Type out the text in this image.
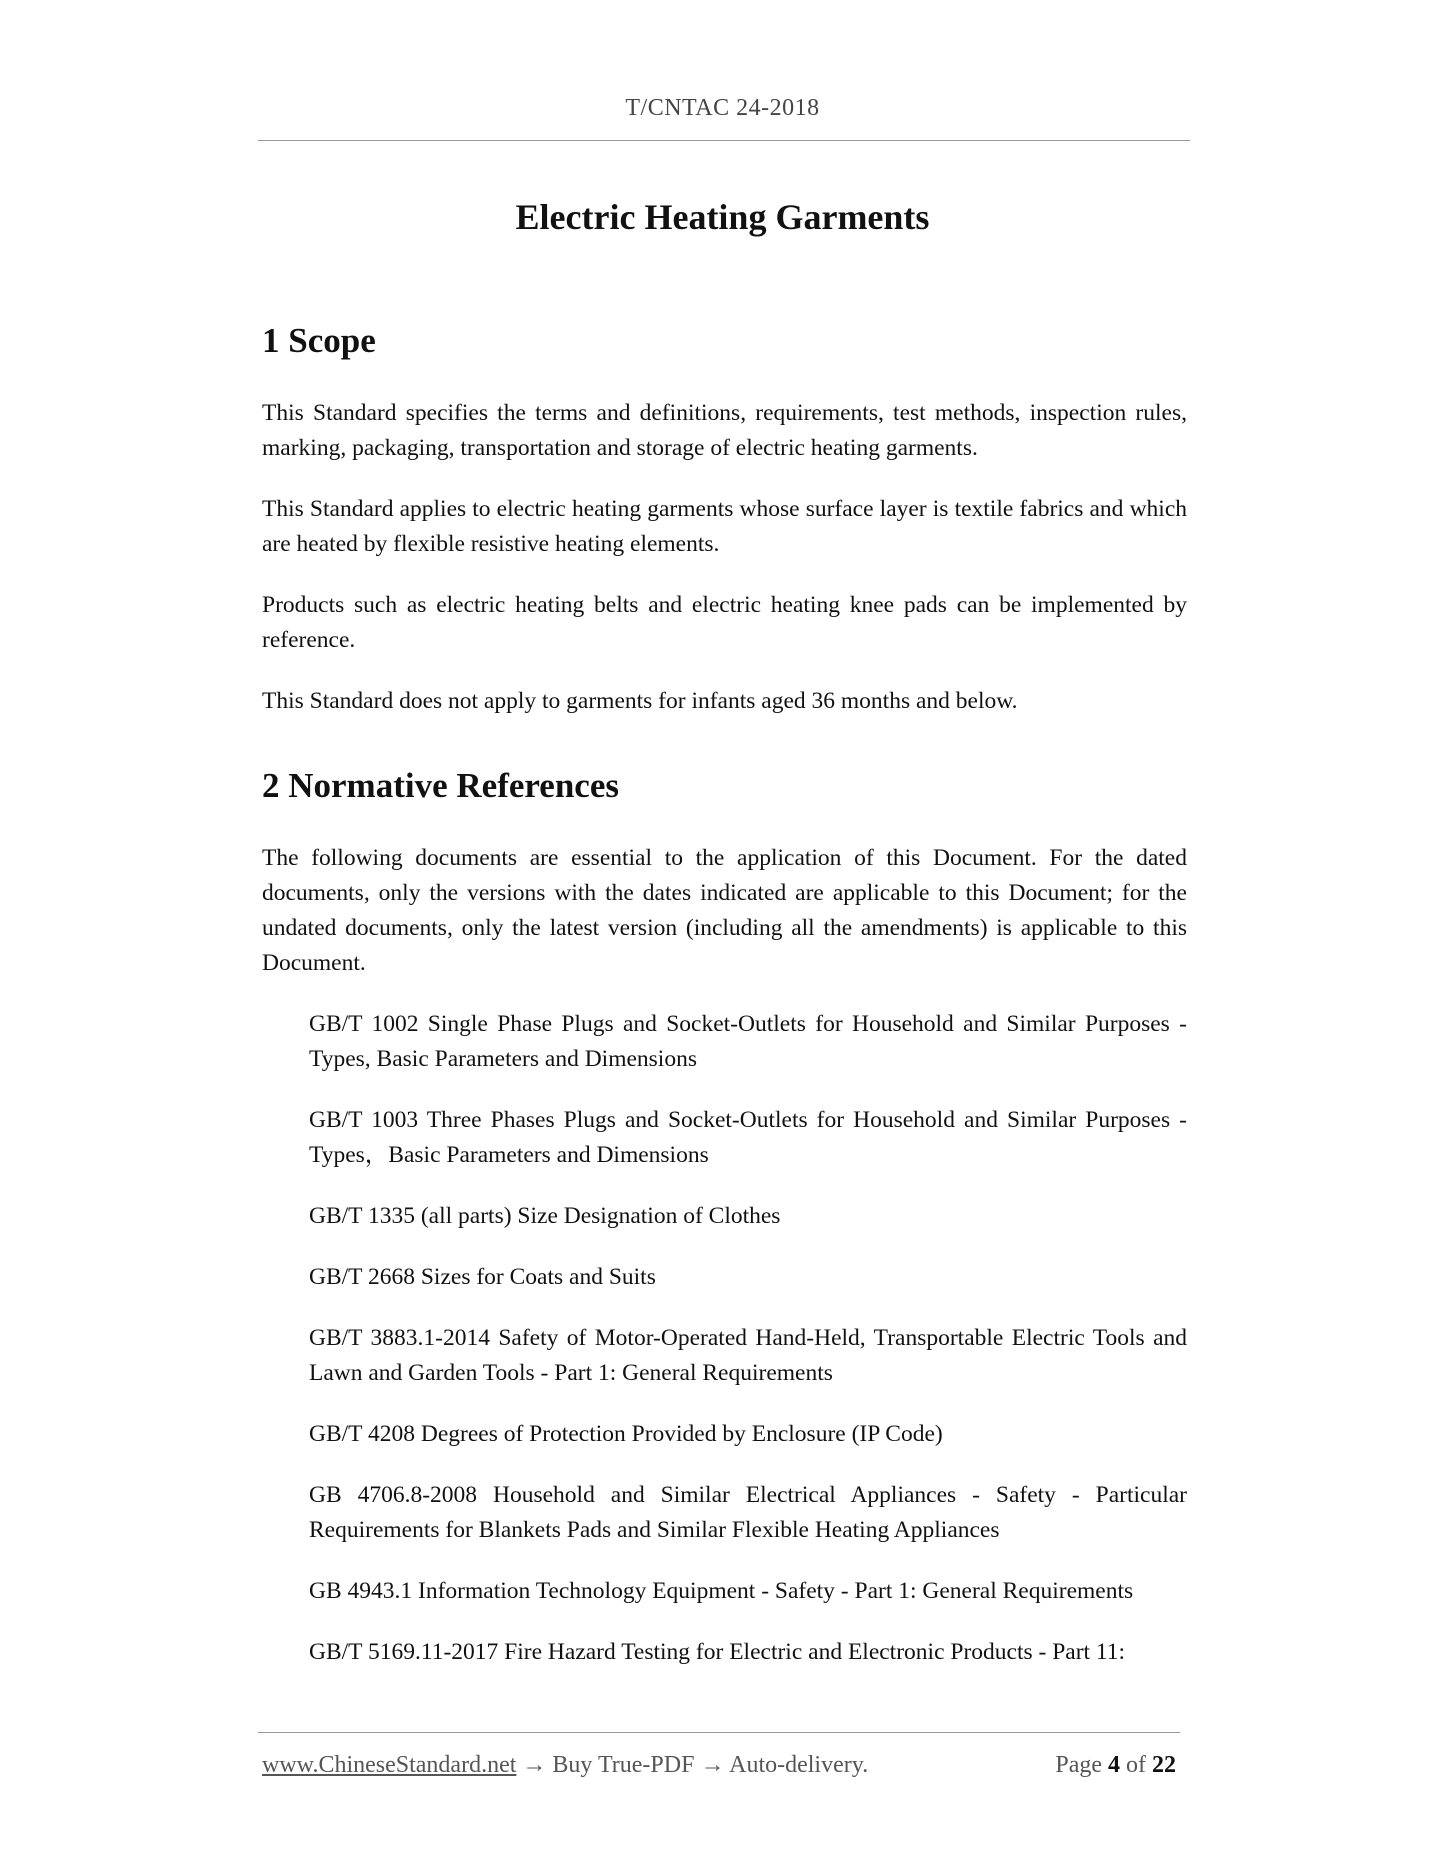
T/CNTAC 24-2018
Electric Heating Garments
1 Scope

This Standard specifies the terms and definitions, requirements, test methods, inspection rules, marking, packaging, transportation and storage of electric heating garments.

This Standard applies to electric heating garments whose surface layer is textile fabrics and which are heated by flexible resistive heating elements.

Products such as electric heating belts and electric heating knee pads can be implemented by reference.

This Standard does not apply to garments for infants aged 36 months and below.

2 Normative References

The following documents are essential to the application of this Document. For the dated documents, only the versions with the dates indicated are applicable to this Document; for the undated documents, only the latest version (including all the amendments) is applicable to this Document.

GB/T 1002 Single Phase Plugs and Socket-Outlets for Household and Similar Purposes - Types, Basic Parameters and Dimensions

GB/T 1003 Three Phases Plugs and Socket-Outlets for Household and Similar Purposes - Types，Basic Parameters and Dimensions

GB/T 1335 (all parts) Size Designation of Clothes

GB/T 2668 Sizes for Coats and Suits

GB/T 3883.1-2014 Safety of Motor-Operated Hand-Held, Transportable Electric Tools and Lawn and Garden Tools - Part 1: General Requirements

GB/T 4208 Degrees of Protection Provided by Enclosure (IP Code)

GB 4706.8-2008 Household and Similar Electrical Appliances - Safety - Particular Requirements for Blankets Pads and Similar Flexible Heating Appliances

GB 4943.1 Information Technology Equipment - Safety - Part 1: General Requirements

GB/T 5169.11-2017 Fire Hazard Testing for Electric and Electronic Products - Part 11:

www.ChineseStandard.net → Buy True-PDF → Auto-delivery.	Page 4 of 22
